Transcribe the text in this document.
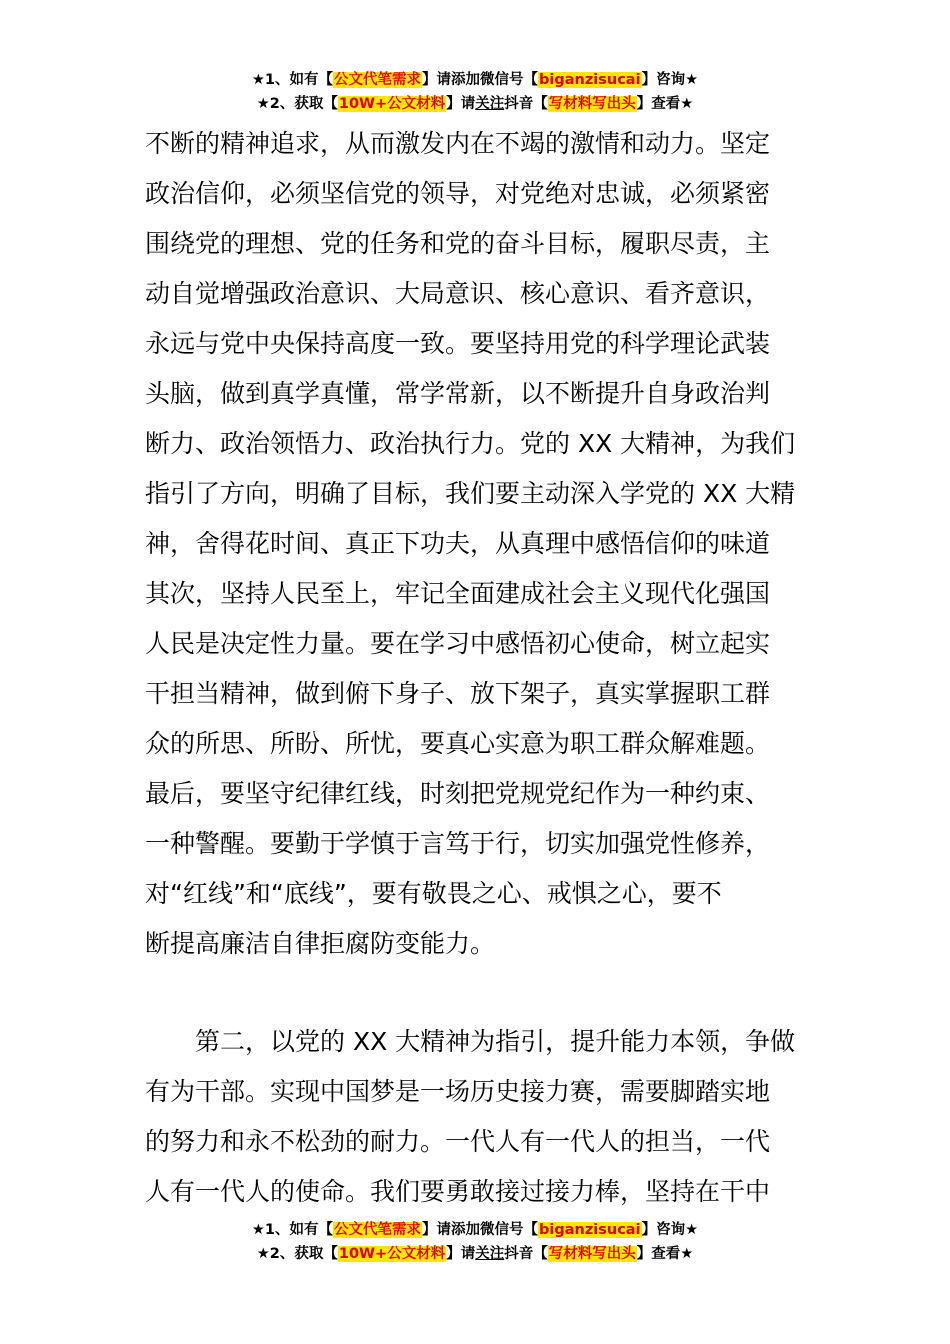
★1、如有【公文代笔需求】请添加微信号【biganzisucai】咨询★
★2、获取【10W+公文材料】请关注抖音【写材料写出头】查看★
不断的精神追求，从而激发内在不竭的激情和动力。坚定
政治信仰，必须坚信党的领导，对党绝对忠诚，必须紧密
围绕党的理想、党的任务和党的奋斗目标，履职尽责，主
动自觉增强政治意识、大局意识、核心意识、看齐意识，
永远与党中央保持高度一致。要坚持用党的科学理论武装
头脑，做到真学真懂，常学常新，以不断提升自身政治判
断力、政治领悟力、政治执行力。党的 XX 大精神，为我们
指引了方向，明确了目标，我们要主动深入学党的 XX 大精
神，舍得花时间、真正下功夫，从真理中感悟信仰的味道
其次，坚持人民至上，牢记全面建成社会主义现代化强国
人民是决定性力量。要在学习中感悟初心使命，树立起实
干担当精神，做到俯下身子、放下架子，真实掌握职工群
众的所思、所盼、所忧，要真心实意为职工群众解难题。
最后，要坚守纪律红线，时刻把党规党纪作为一种约束、
一种警醒。要勤于学慎于言笃于行，切实加强党性修养，
对“红线”和“底线”，要有敬畏之心、戒惧之心，要不
断提高廉洁自律拒腐防变能力。
第二，以党的 XX 大精神为指引，提升能力本领，争做
有为干部。实现中国梦是一场历史接力赛，需要脚踏实地
的努力和永不松劲的耐力。一代人有一代人的担当，一代
人有一代人的使命。我们要勇敢接过接力棒，坚持在干中
★1、如有【公文代笔需求】请添加微信号【biganzisucai】咨询★
★2、获取【10W+公文材料】请关注抖音【写材料写出头】查看★
